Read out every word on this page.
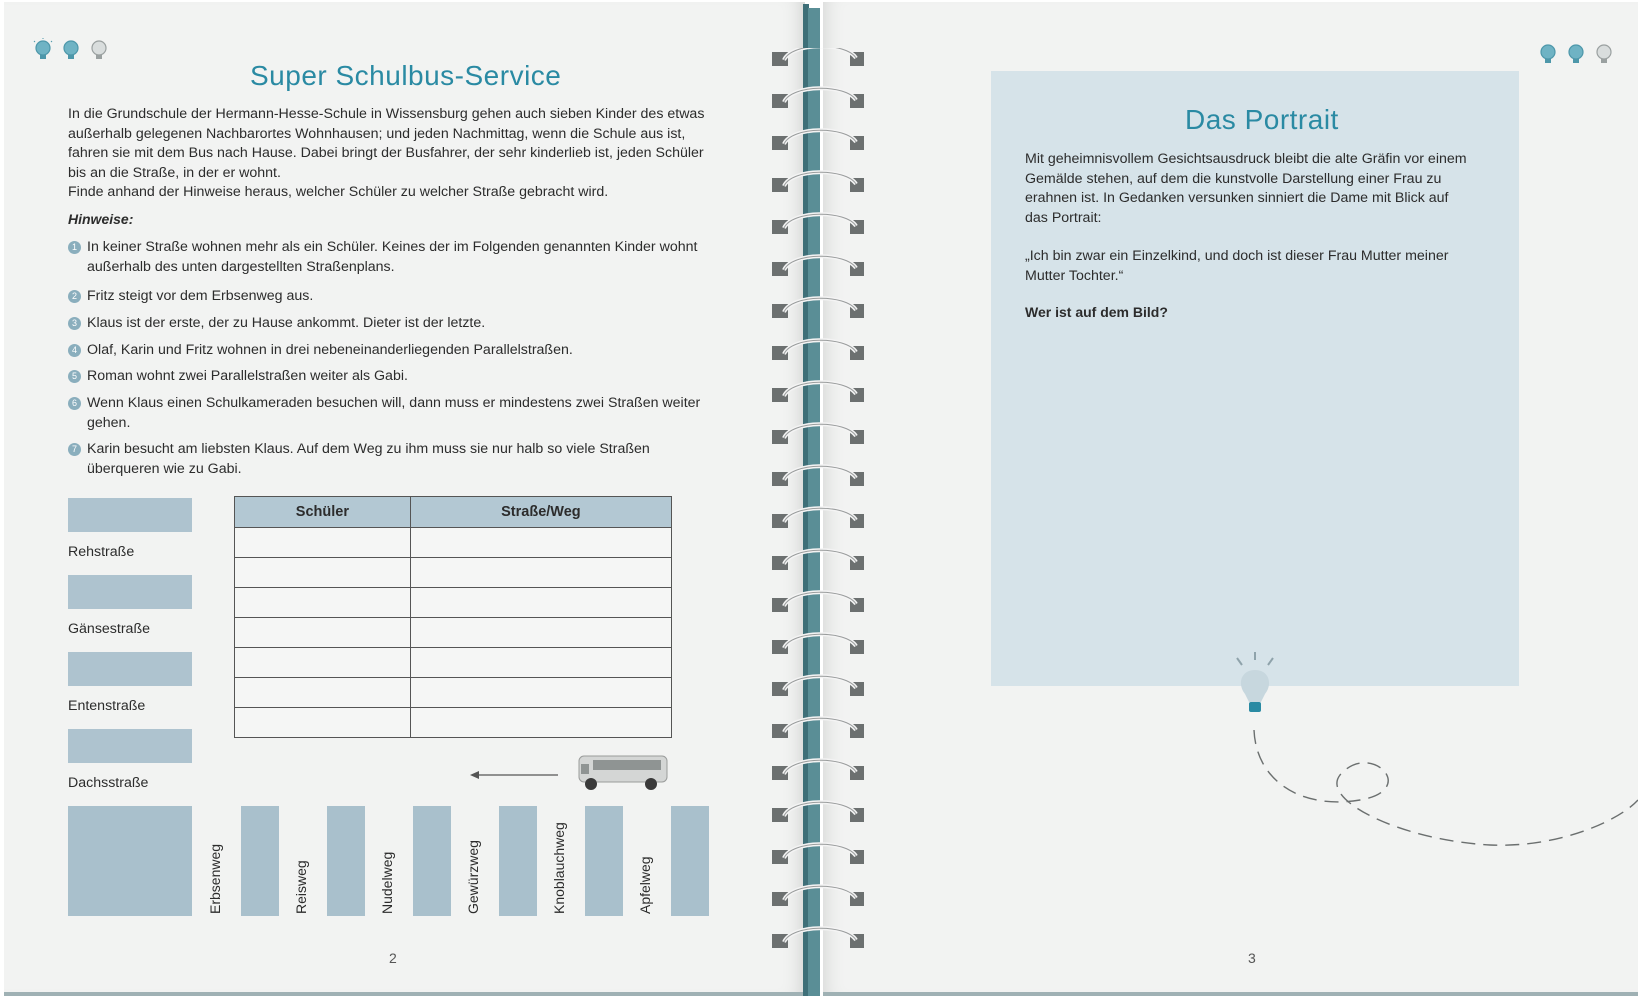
Super Schulbus-Service

In die Grundschule der Hermann-Hesse-Schule in Wissensburg gehen auch sieben Kinder des etwas außerhalb gelegenen Nachbarortes Wohnhausen; und jeden Nachmittag, wenn die Schule aus ist, fahren sie mit dem Bus nach Hause. Dabei bringt der Busfahrer, der sehr kinderlieb ist, jeden Schüler bis an die Straße, in der er wohnt.

Finde anhand der Hinweise heraus, welcher Schüler zu welcher Straße gebracht wird.

Hinweise:
1 In keiner Straße wohnen mehr als ein Schüler. Keines der im Folgenden genannten Kinder wohnt außerhalb des unten dargestellten Straßenplans.
2 Fritz steigt vor dem Erbsenweg aus.
3 Klaus ist der erste, der zu Hause ankommt. Dieter ist der letzte.
4 Olaf, Karin und Fritz wohnen in drei nebeneinanderliegenden Parallelstraßen.
5 Roman wohnt zwei Parallelstraßen weiter als Gabi.
6 Wenn Klaus einen Schulkameraden besuchen will, dann muss er mindestens zwei Straßen weiter gehen.
7 Karin besucht am liebsten Klaus. Auf dem Weg zu ihm muss sie nur halb so viele Straßen überqueren wie zu Gabi.
Rehstraße
Gänsestraße
Entenstraße
Dachsstraße
Schüler	Straße/Weg

Erbsenweg	Reisweg	Nudelweg	Gewürzweg	Knoblauchweg	Apfelweg
2
Das Portrait

Mit geheimnisvollem Gesichtsausdruck bleibt die alte Gräfin vor einem Gemälde stehen, auf dem die kunstvolle Darstellung einer Frau zu erahnen ist. In Gedanken versunken sinniert die Dame mit Blick auf das Portrait:

„Ich bin zwar ein Einzelkind, und doch ist dieser Frau Mutter meiner Mutter Tochter.“

Wer ist auf dem Bild?
3
